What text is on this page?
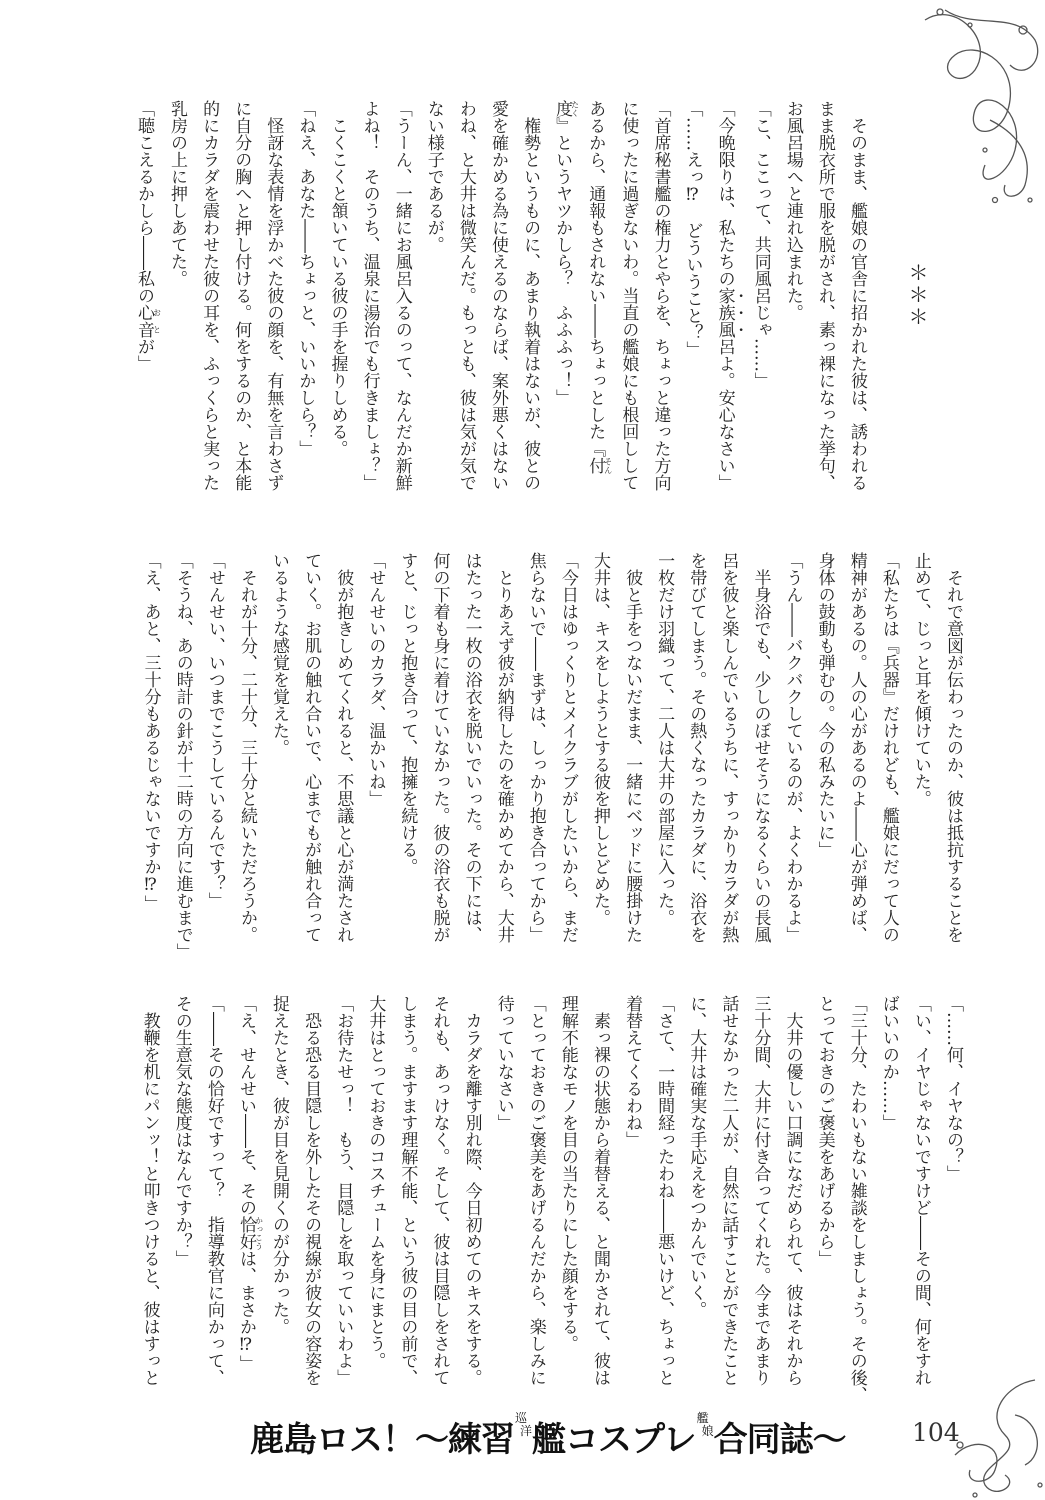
＊＊＊
　そのまま、艦娘の官舎に招かれた彼は、誘われる
まま脱衣所で服を脱がされ、素っ裸になった挙句、
お風呂場へと連れ込まれた。
「こ、ここって、共同風呂じゃ……」
「今晩限りは、私たちの家族風呂よ。安心なさい」
「……えっ⁉　どういうこと？」
「首席秘書艦の権力とやらを、ちょっと違った方向
に使ったに過ぎないわ。当直の艦娘にも根回しして
あるから、通報もされない――ちょっとした『付そん
度たく』というヤツかしら？　ふふふっ！」
　権勢というものに、あまり執着はないが、彼との
愛を確かめる為に使えるのならば、案外悪くはない
わね、と大井は微笑んだ。もっとも、彼は気が気で
ない様子であるが。
「うーん、一緒にお風呂入るのって、なんだか新鮮
よね！　そのうち、温泉に湯治でも行きましょ？」
　こくこくと頷いている彼の手を握りしめる。
「ねえ、あなた――ちょっと、いいかしら？」
　怪訝な表情を浮かべた彼の顔を、有無を言わさず
に自分の胸へと押し付ける。何をするのか、と本能
的にカラダを震わせた彼の耳を、ふっくらと実った
乳房の上に押しあてた。
「聴こえるかしら――私の心音おとが」
　それで意図が伝わったのか、彼は抵抗することを
止めて、じっと耳を傾けていた。
「私たちは『兵器』だけれども、艦娘にだって人の
精神があるの。人の心があるのよ――心が弾めば、
身体の鼓動も弾むの。今の私みたいに」
「うん――バクバクしているのが、よくわかるよ」
　半身浴でも、少しのぼせそうになるくらいの長風
呂を彼と楽しんでいるうちに、すっかりカラダが熱
を帯びてしまう。その熱くなったカラダに、浴衣を
一枚だけ羽織って、二人は大井の部屋に入った。
　彼と手をつないだまま、一緒にベッドに腰掛けた
大井は、キスをしようとする彼を押しとどめた。
「今日はゆっくりとメイクラブがしたいから、まだ
焦らないで――まずは、しっかり抱き合ってから」
　とりあえず彼が納得したのを確かめてから、大井
はたった一枚の浴衣を脱いでいった。その下には、
何の下着も身に着けていなかった。彼の浴衣も脱が
すと、じっと抱き合って、抱擁を続ける。
「せんせいのカラダ、温かいね」
　彼が抱きしめてくれると、不思議と心が満たされ
ていく。お肌の触れ合いで、心までもが触れ合って
いるような感覚を覚えた。
　それが十分、二十分、三十分と続いただろうか。
「せんせい、いつまでこうしているんです？」
「そうね、あの時計の針が十二時の方向に進むまで」
「え、あと、三十分もあるじゃないですか⁉」
「……何、イヤなの？」
「い、イヤじゃないですけど――その間、何をすれ
ばいいのか……」
「三十分、たわいもない雑談をしましょう。その後、
とっておきのご褒美をあげるから」
　大井の優しい口調になだめられて、彼はそれから
三十分間、大井に付き合ってくれた。今まであまり
話せなかった二人が、自然に話すことができたこと
に、大井は確実な手応えをつかんでいく。
「さて、一時間経ったわね――悪いけど、ちょっと
着替えてくるわね」
　素っ裸の状態から着替える、と聞かされて、彼は
理解不能なモノを目の当たりにした顔をする。
「とっておきのご褒美をあげるんだから、楽しみに
待っていなさい」
　カラダを離す別れ際、今日初めてのキスをする。
それも、あっけなく。そして、彼は目隠しをされて
しまう。ますます理解不能、という彼の目の前で、
大井はとっておきのコスチュームを身にまとう。
「お待たせっ！　もう、目隠しを取っていいわよ」
　恐る恐る目隠しを外したその視線が彼女の容姿を
捉えたとき、彼が目を見開くのが分かった。
「え、せんせい――そ、その恰好かっこうは、まさか⁉」
「――その恰好ですって？　指導教官に向かって、
その生意気な態度はなんですか？」
　教鞭を机にパンッ！と叩きつけると、彼はすっと
鹿島ロス！～練習
巡
洋 艦コスプレ
艦
娘 合同誌～	104
